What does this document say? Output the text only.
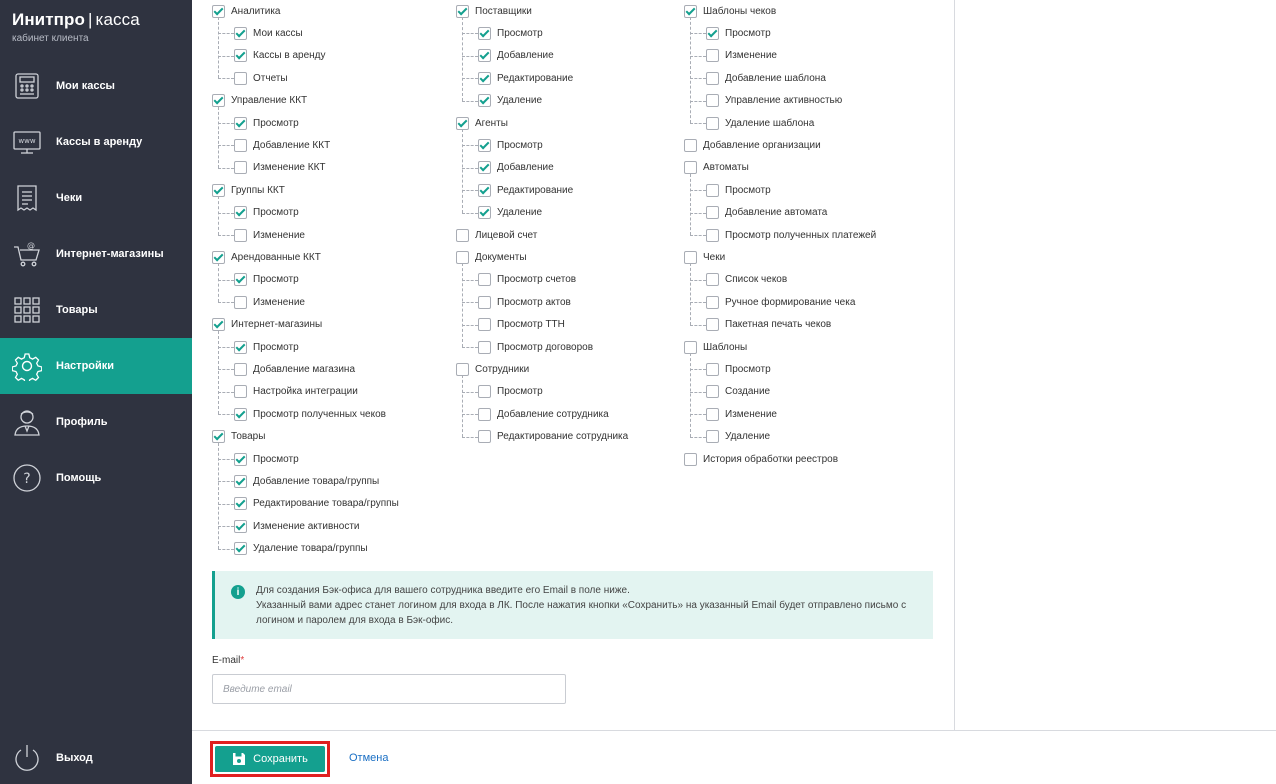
Инитпро | касса
кабинет клиента
Мои кассы
www Кассы в аренду
Чеки
@
Интернет-магазины
Товары
Настройки
Профиль
? Помощь
Выход
Аналитика
Мои кассы
Кассы в аренду
Отчеты
Управление ККТ
Просмотр
Добавление ККТ
Изменение ККТ
Группы ККТ
Просмотр
Изменение
Арендованные ККТ
Просмотр
Изменение
Интернет-магазины
Просмотр
Добавление магазина
Настройка интеграции
Просмотр полученных чеков
Товары
Просмотр
Добавление товара/группы
Редактирование товара/группы
Изменение активности
Удаление товара/группы
Поставщики
Просмотр
Добавление
Редактирование
Удаление
Агенты
Просмотр
Добавление
Редактирование
Удаление
Лицевой счет
Документы
Просмотр счетов
Просмотр актов
Просмотр ТТН
Просмотр договоров
Сотрудники
Просмотр
Добавление сотрудника
Редактирование сотрудника
Шаблоны чеков
Просмотр
Изменение
Добавление шаблона
Управление активностью
Удаление шаблона
Добавление организации
Автоматы
Просмотр
Добавление автомата
Просмотр полученных платежей
Чеки
Список чеков
Ручное формирование чека
Пакетная печать чеков
Шаблоны
Просмотр
Создание
Изменение
Удаление
История обработки реестров
i	Для создания Бэк-офиса для вашего сотрудника введите его Email в поле ниже.
Указанный вами адрес станет логином для входа в ЛК. После нажатия кнопки «Сохранить» на указанный Email будет отправлено письмо с логином и паролем для входа в Бэк-офис.
E-mail*
Введите email
Сохранить	Отмена
